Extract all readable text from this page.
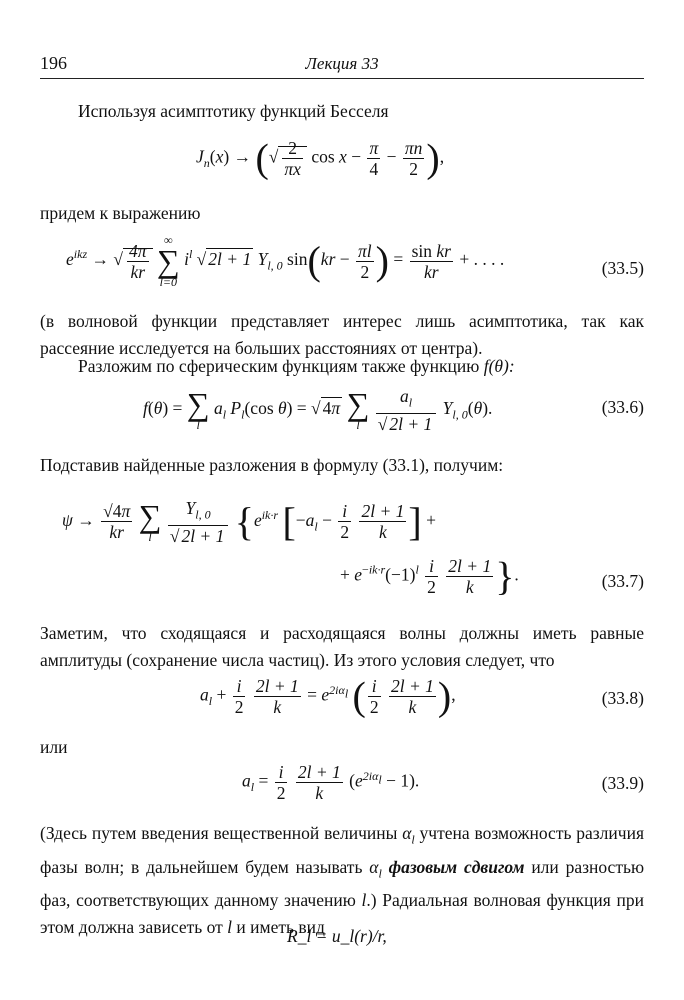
196	Лекция 33
Используя асимптотику функций Бесселя
$J_n(x)$ → (√ $\frac{2}{\pi x}$ $\cos x - \frac{\pi}{4} - \frac{\pi n}{2}$ ),
придем к выражению
$e^{ikz}$ → √ $\frac{4\pi}{kr}$

∞
∑
l=0
$i^l$ √ 2l + 1 $Y_{l, 0}$ $\sin(kr - \frac{\pi l}{2}$ ) = $\frac{\text{sin kr}}{kr}$ + . . . .	(33.5)
(в волновой функции представляет интерес лишь асимптотика, так как рассеяние исследуется на больших расстояниях от центра).
Разложим по сферическим функциям также функцию f(θ):
f(θ) = ∑
l
$a_l$ $P_l(\cos$ θ) = √ 4π ∑
l
$\frac{a_l}{√ 2l + 1} Y_{l, 0}(\theta)$.	(33.6)
Подставив найденные разложения в формулу (33.1), получим:
$\psi \to \frac{√4\pi}{kr}$
∑
l
$\frac{Y_{l, 0}}{√ 2l + 1} \{e^{ik\cdot r}$ [$-a_l - \frac{i}{2}$
$\frac{2l + 1}{k}$ ] +
+ $e^{-ik\cdot r}(-1)^l \frac{i}{2}$
$\frac{2l + 1}{k}$ }.	(33.7)
Заметим, что сходящаяся и расходящаяся волны должны иметь равные амплитуды (сохранение числа частиц). Из этого условия следует, что
$a_l + \frac{i}{2}$
$\frac{2l + 1}{k} = e^{2i\alpha_l}$ ( $\frac{i}{2}$
$\frac{2l + 1}{k}$ ),	(33.8)
или
$a_l = \frac{i}{2}$
$\frac{2l + 1}{k} (e^{2i\alpha_l} - 1)$.	(33.9)
(Здесь путем введения вещественной величины $\alpha_l$ учтена возможность различия фазы волн; в дальнейшем будем называть $\alpha_l$ фазовым сдвигом или разностью фаз, соответствующих данному значению l.) Радиальная волновая функция при этом должна зависеть от l и иметь вид
R_l = u_l(r)/r,
